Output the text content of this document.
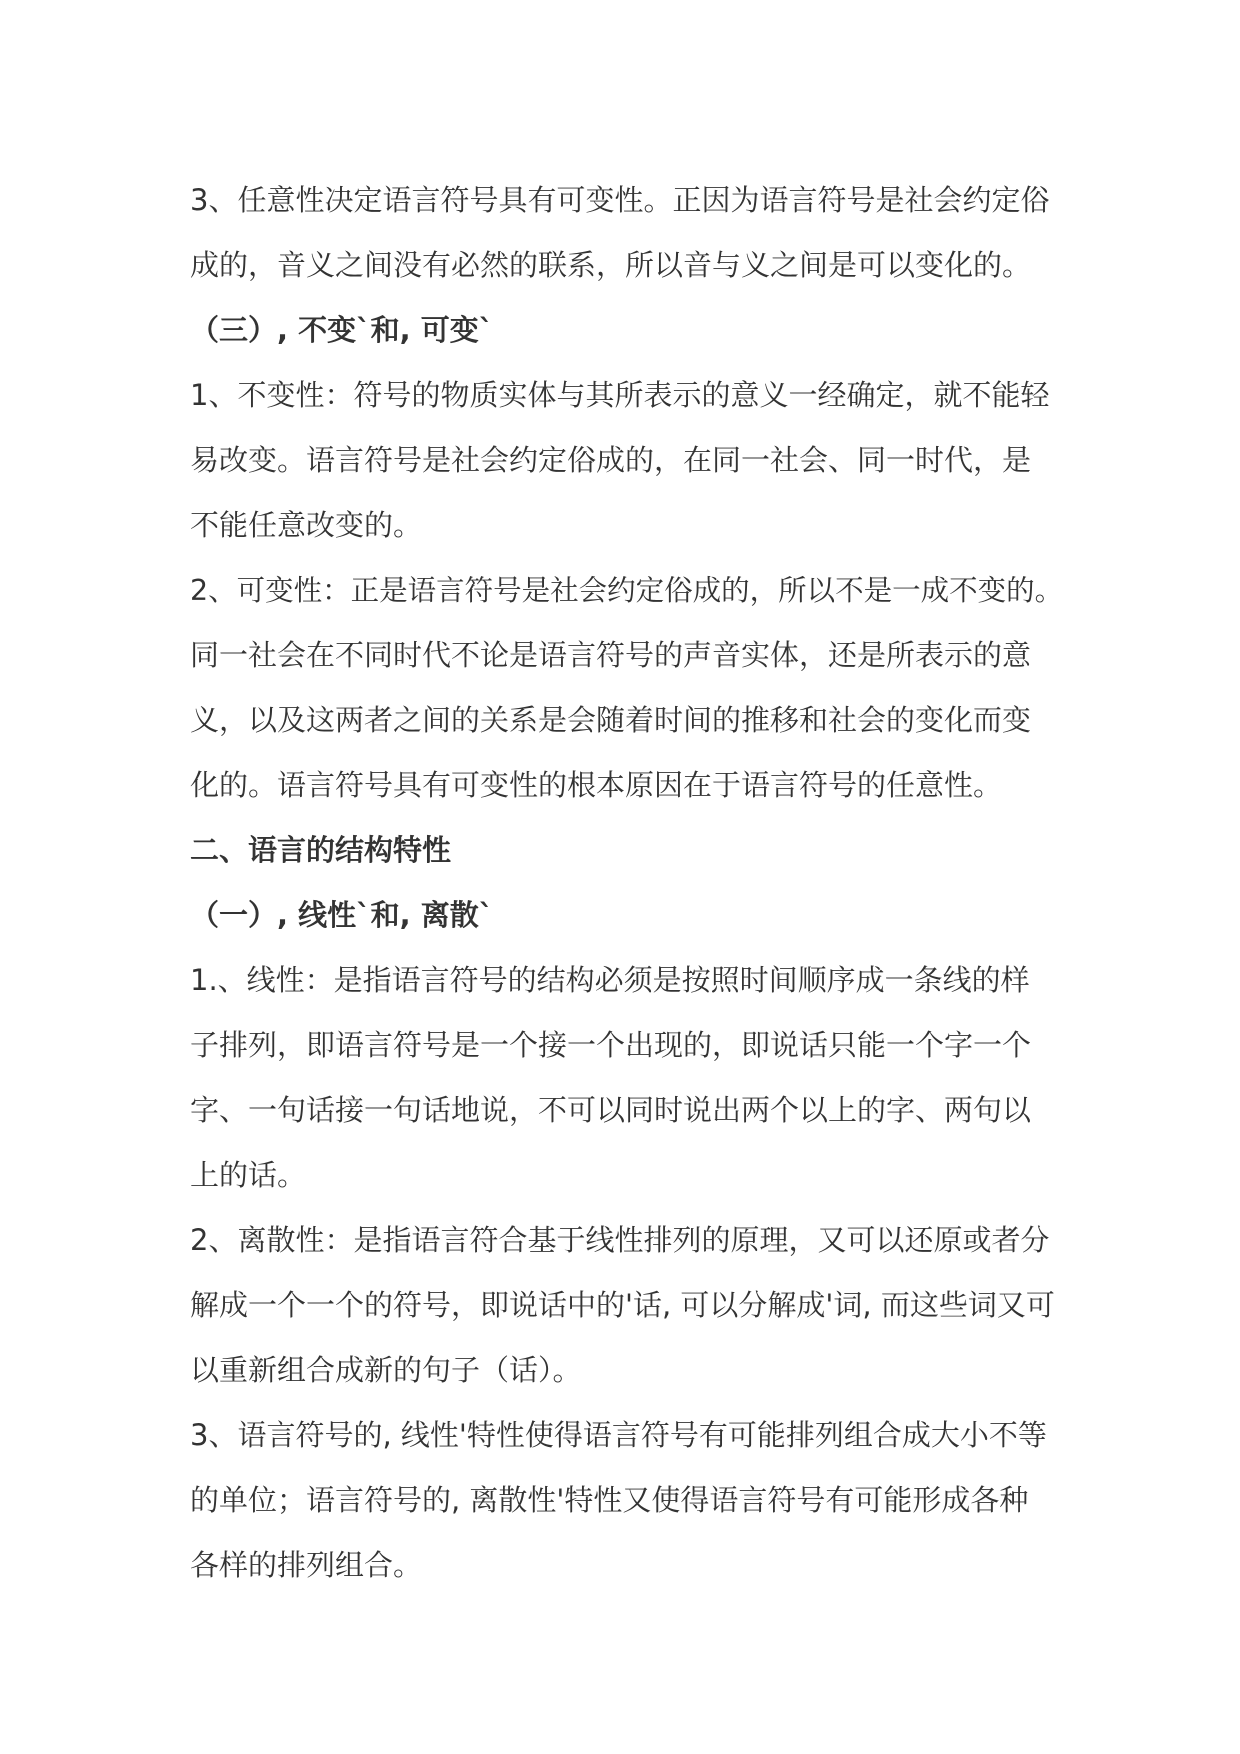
3、任意性决定语言符号具有可变性。正因为语言符号是社会约定俗
成的，音义之间没有必然的联系，所以音与义之间是可以变化的。
（三）, 不变`和, 可变`
1、不变性：符号的物质实体与其所表示的意义一经确定，就不能轻
易改变。语言符号是社会约定俗成的，在同一社会、同一时代，是
不能任意改变的。
2、可变性：正是语言符号是社会约定俗成的，所以不是一成不变的。
同一社会在不同时代不论是语言符号的声音实体，还是所表示的意
义，以及这两者之间的关系是会随着时间的推移和社会的变化而变
化的。语言符号具有可变性的根本原因在于语言符号的任意性。
二、语言的结构特性
（一）, 线性`和, 离散`
1.、线性：是指语言符号的结构必须是按照时间顺序成一条线的样
子排列，即语言符号是一个接一个出现的，即说话只能一个字一个
字、一句话接一句话地说，不可以同时说出两个以上的字、两句以
上的话。
2、离散性：是指语言符合基于线性排列的原理，又可以还原或者分
解成一个一个的符号，即说话中的'话, 可以分解成'词, 而这些词又可
以重新组合成新的句子（话）。
3、语言符号的, 线性'特性使得语言符号有可能排列组合成大小不等
的单位；语言符号的, 离散性'特性又使得语言符号有可能形成各种
各样的排列组合。
